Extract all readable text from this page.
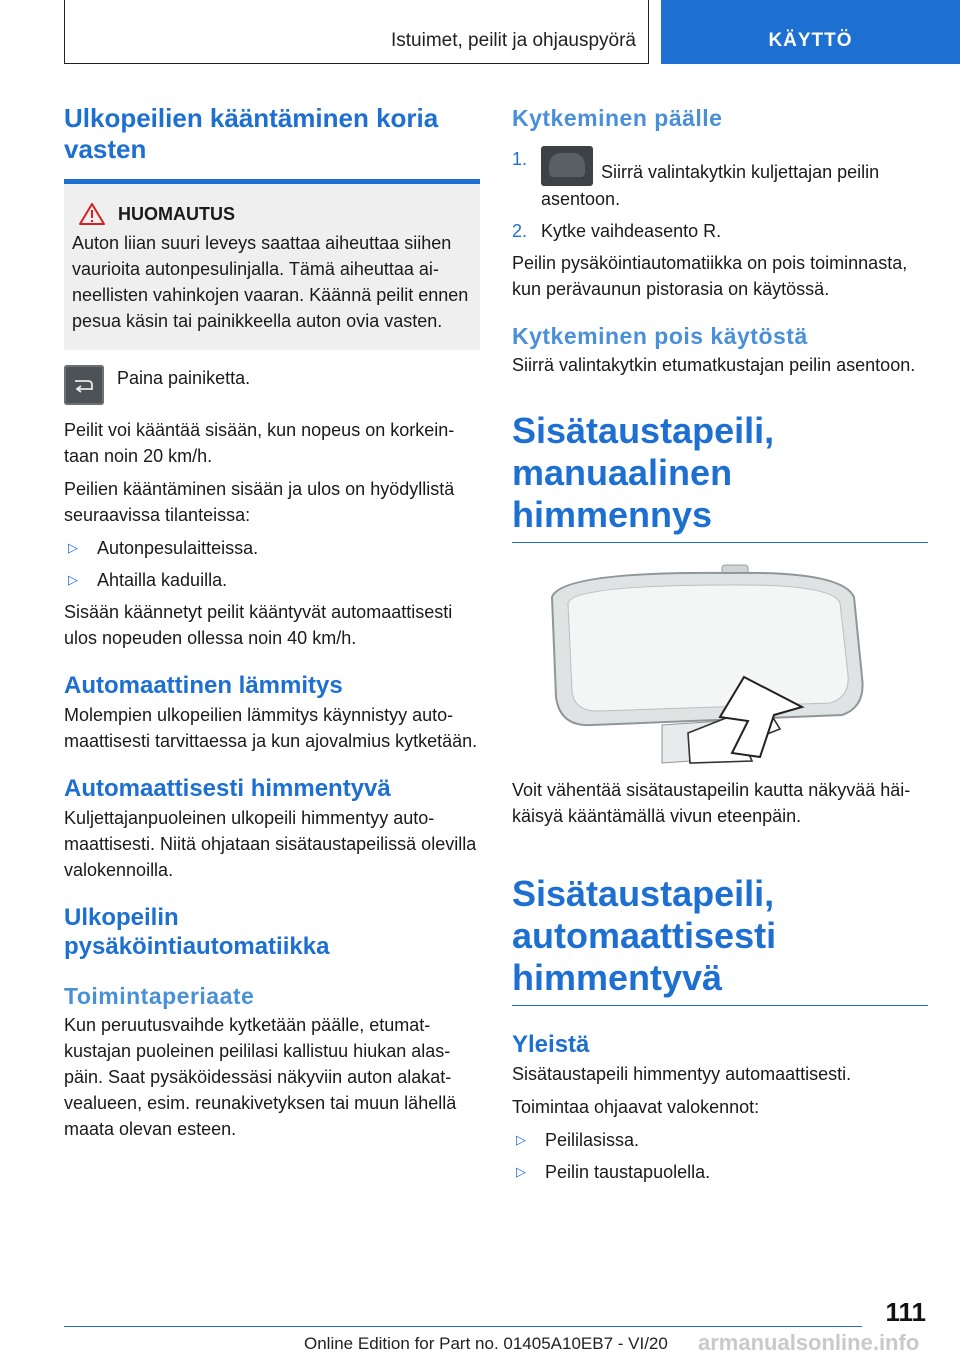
Istuimet, peilit ja ohjauspyörä	KÄYTTÖ
Ulkopeilien kääntäminen koria vasten
HUOMAUTUS

Auton liian suuri leveys saattaa aiheuttaa siihen vaurioita autonpesulinjalla. Tämä aiheuttaa aineellisten vahinkojen vaaran. Käännä peilit ennen pesua käsin tai painikkeella auton ovia vasten.

Paina painiketta.

Peilit voi kääntää sisään, kun nopeus on korkeintaan noin 20 km/h.

Peilien kääntäminen sisään ja ulos on hyödyllistä seuraavissa tilanteissa:

▷	Autonpesulaitteissa.
▷	Ahtailla kaduilla.

Sisään käännetyt peilit kääntyvät automaattisesti ulos nopeuden ollessa noin 40 km/h.

Automaattinen lämmitys

Molempien ulkopeilien lämmitys käynnistyy automaattisesti tarvittaessa ja kun ajovalmius kytketään.

Automaattisesti himmentyvä

Kuljettajanpuoleinen ulkopeili himmentyy automaattisesti. Niitä ohjataan sisätaustapeilissä olevilla valokennoilla.

Ulkopeilin pysäköintiautomatiikka
Toimintaperiaate

Kun peruutusvaihde kytketään päälle, etumatkustajan puoleinen peililasi kallistuu hiukan alaspäin. Saat pysäköidessäsi näkyviin auton alakatvealueen, esim. reunakivetyksen tai muun lähellä maata olevan esteen.

Kytkeminen päälle
1.
Siirrä valintakytkin kuljettajan peilin asentoon.
2. Kytke vaihdeasento R.

Peilin pysäköintiautomatiikka on pois toiminnasta, kun perävaunun pistorasia on käytössä.

Kytkeminen pois käytöstä

Siirrä valintakytkin etumatkustajan peilin asentoon.

Sisätaustapeili, manuaalinen himmennys

Voit vähentää sisätaustapeilin kautta näkyvää häikäisyä kääntämällä vivun eteenpäin.

Sisätaustapeili, automaattisesti himmentyvä
Yleistä

Sisätaustapeili himmentyy automaattisesti.

Toimintaa ohjaavat valokennot:

▷	Peililasissa.
▷	Peilin taustapuolella.
111
Online Edition for Part no. 01405A10EB7 - VI/20 armanualsonline.info
